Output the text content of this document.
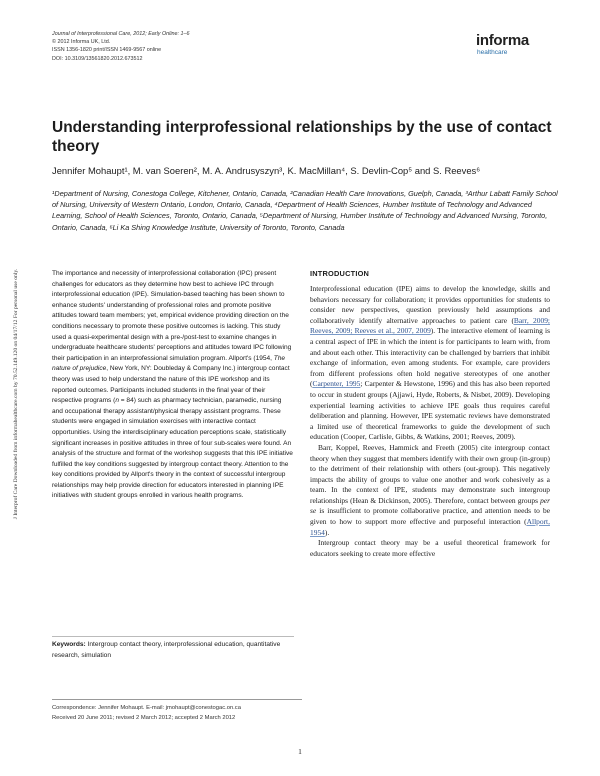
Journal of Interprofessional Care, 2012; Early Online: 1–6
© 2012 Informa UK, Ltd.
ISSN 1356-1820 print/ISSN 1469-9567 online
DOI: 10.3109/13561820.2012.673512
informa
healthcare
J Interprof Care Downloaded from informahealthcare.com by 70.52.149.120 on 04/17/12 For personal use only.
Understanding interprofessional relationships by the use of contact theory
Jennifer Mohaupt¹, M. van Soeren², M. A. Andrusyszyn³, K. MacMillan⁴, S. Devlin-Cop⁵ and S. Reeves⁶
¹Department of Nursing, Conestoga College, Kitchener, Ontario, Canada, ²Canadian Health Care Innovations, Guelph, Canada, ³Arthur Labatt Family School of Nursing, University of Western Ontario, London, Ontario, Canada, ⁴Department of Health Sciences, Humber Institute of Technology and Advanced Learning, School of Health Sciences, Toronto, Ontario, Canada, ⁵Department of Nursing, Humber Institute of Technology and Advanced Nursing, Toronto, Ontario, Canada, ⁶Li Ka Shing Knowledge Institute, University of Toronto, Toronto, Canada

The importance and necessity of interprofessional collaboration (IPC) present challenges for educators as they determine how best to achieve IPC through interprofessional education (IPE). Simulation-based teaching has been shown to enhance students' understanding of professional roles and promote positive attitudes toward team members; yet, empirical evidence providing direction on the conditions necessary to promote these positive outcomes is lacking. This study used a quasi-experimental design with a pre-/post-test to examine changes in undergraduate healthcare students' perceptions and attitudes toward IPC following their participation in an interprofessional simulation program. Allport's (1954, The nature of prejudice, New York, NY: Doubleday & Company Inc.) intergroup contact theory was used to help understand the nature of this IPE workshop and its reported outcomes. Participants included students in the final year of their respective programs (n = 84) such as pharmacy technician, paramedic, nursing and occupational therapy assistant/physical therapy assistant programs. These students were engaged in simulation exercises with interactive contact opportunities. Using the interdisciplinary education perceptions scale, statistically significant increases in positive attitudes in three of four sub-scales were found. An analysis of the structure and format of the workshop suggests that this IPE initiative fulfilled the key conditions suggested by intergroup contact theory. Attention to the key conditions provided by Allport's theory in the context of successful intergroup relationships may help provide direction for educators interested in planning IPE initiatives with student groups enrolled in various health programs.

Keywords: Intergroup contact theory, interprofessional education, quantitative research, simulation
INTRODUCTION

Interprofessional education (IPE) aims to develop the knowledge, skills and behaviors necessary for collaboration; it provides opportunities for students to consider new perspectives, question previously held assumptions and collaboratively identify alternative approaches to patient care (Barr, 2009; Reeves, 2009; Reeves et al., 2007, 2009). The interactive element of learning is a central aspect of IPE in which the intent is for participants to learn with, from and about each other. This interactivity can be challenged by barriers that inhibit exchange of information, even among students. For example, care providers from different professions often hold negative stereotypes of one another (Carpenter, 1995; Carpenter & Hewstone, 1996) and this has also been reported to occur in student groups (Ajjawi, Hyde, Roberts, & Nisbet, 2009). Developing experiential learning activities to achieve IPE goals thus requires careful deliberation and planning. However, IPE systematic reviews have demonstrated a limited use of theoretical frameworks to guide the development of such education (Cooper, Carlisle, Gibbs, & Watkins, 2001; Reeves, 2009).

Barr, Koppel, Reeves, Hammick and Freeth (2005) cite intergroup contact theory when they suggest that members identify with their own group (in-group) to the detriment of their relationship with others (out-group). This negatively impacts the ability of groups to value one another and work cohesively as a team. In the context of IPE, students may demonstrate such intergroup relationships (Hean & Dickinson, 2005). Therefore, contact between groups per se is insufficient to promote collaborative practice, and attention needs to be given to how to support more effective and purposeful interaction (Allport, 1954).

Intergroup contact theory may be a useful theoretical framework for educators seeking to create more effective

Correspondence: Jennifer Mohaupt. E-mail: jmohaupt@conestogac.on.ca
Received 20 June 2011; revised 2 March 2012; accepted 2 March 2012
1
